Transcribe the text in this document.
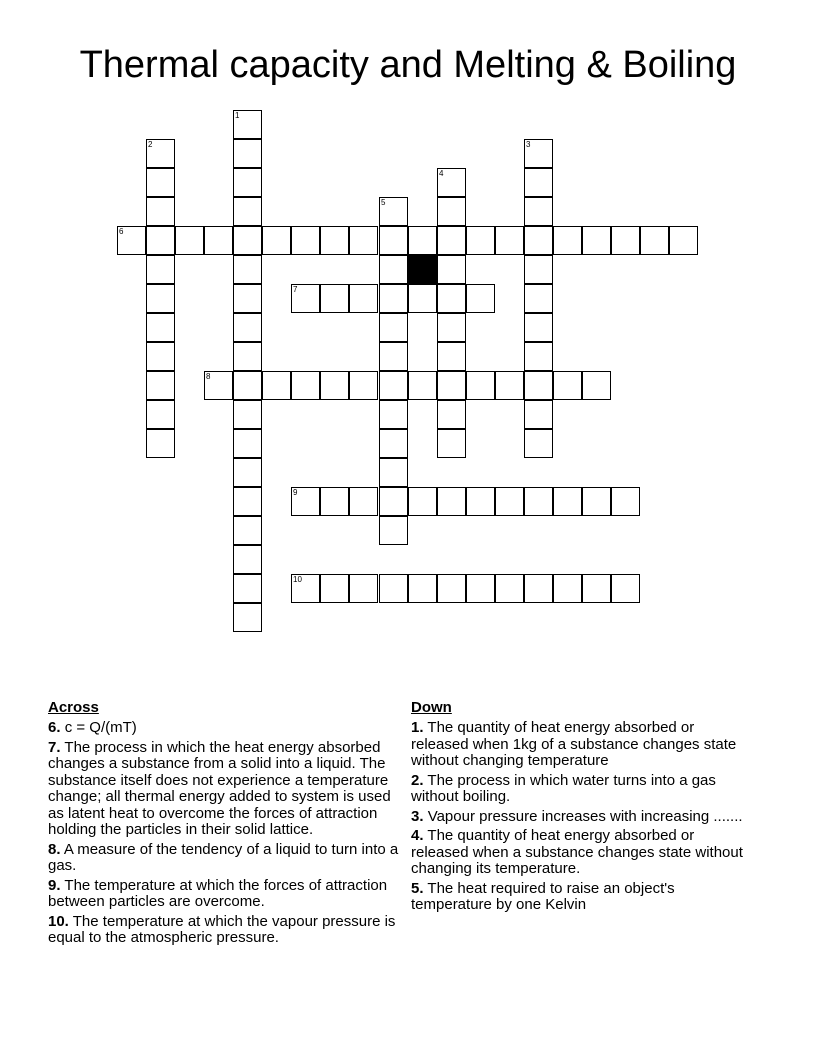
Thermal capacity and Melting & Boiling
1
2	3
4
5
6
7
8
9
10
Across
6. c = Q/(mT)
7. The process in which the heat energy absorbed changes a substance from a solid into a liquid. The substance itself does not experience a temperature change; all thermal energy added to system is used as latent heat to overcome the forces of attraction holding the particles in their solid lattice.
8. A measure of the tendency of a liquid to turn into a gas.
9. The temperature at which the forces of attraction between particles are overcome.
10. The temperature at which the vapour pressure is equal to the atmospheric pressure.
Down
1. The quantity of heat energy absorbed or released when 1kg of a substance changes state without changing temperature
2. The process in which water turns into a gas without boiling.
3. Vapour pressure increases with increasing .......
4. The quantity of heat energy absorbed or released when a substance changes state without changing its temperature.
5. The heat required to raise an object's temperature by one Kelvin
